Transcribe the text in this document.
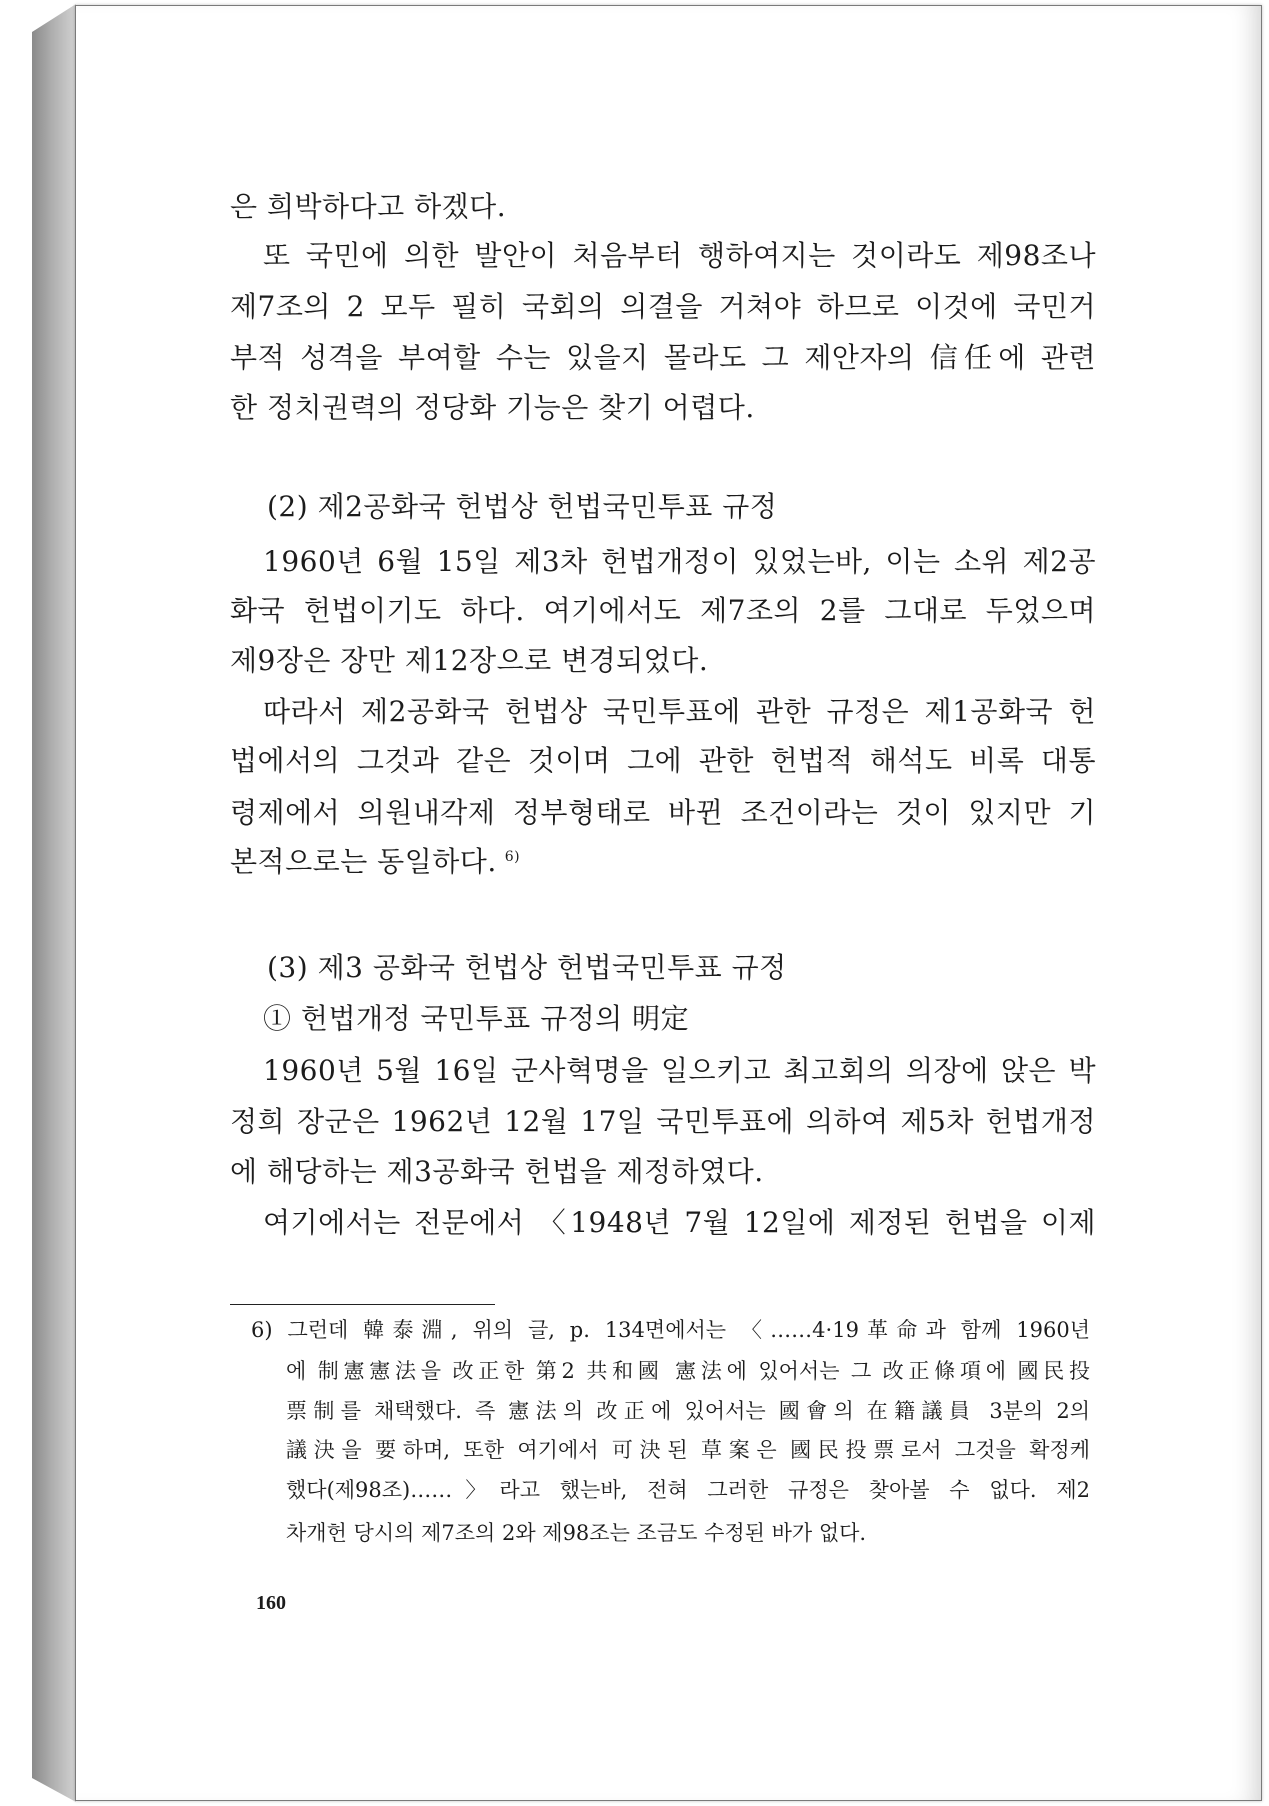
은 희박하다고 하겠다.
또 국민에 의한 발안이 처음부터 행하여지는 것이라도 제98조나
제7조의 2 모두 필히 국회의 의결을 거쳐야 하므로 이것에 국민거
부적 성격을 부여할 수는 있을지 몰라도 그 제안자의 信任에 관련
한 정치권력의 정당화 기능은 찾기 어렵다.
(2) 제2공화국 헌법상 헌법국민투표 규정
1960년 6월 15일 제3차 헌법개정이 있었는바, 이는 소위 제2공
화국 헌법이기도 하다. 여기에서도 제7조의 2를 그대로 두었으며
제9장은 장만 제12장으로 변경되었다.
따라서 제2공화국 헌법상 국민투표에 관한 규정은 제1공화국 헌
법에서의 그것과 같은 것이며 그에 관한 헌법적 해석도 비록 대통
령제에서 의원내각제 정부형태로 바뀐 조건이라는 것이 있지만 기
본적으로는 동일하다. $^{6)}$
(3) 제3 공화국 헌법상 헌법국민투표 규정
① 헌법개정 국민투표 규정의 明定
1960년 5월 16일 군사혁명을 일으키고 최고회의 의장에 앉은 박
정희 장군은 1962년 12월 17일 국민투표에 의하여 제5차 헌법개정
에 해당하는 제3공화국 헌법을 제정하였다.
여기에서는 전문에서 〈1948년 7월 12일에 제정된 헌법을 이제
6) 그런데 韓泰淵, 위의 글, p. 134면에서는 〈……4·19革命과 함께 1960년
에 制憲憲法을 改正한 第2 共和國 憲法에 있어서는 그 改正條項에 國民投
票制를 채택했다. 즉 憲法의 改正에 있어서는 國會의 在籍議員 3분의 2의
議決을 要하며, 또한 여기에서 可決된 草案은 國民投票로서 그것을 확정케
했다(제98조)……〉라고 했는바, 전혀 그러한 규정은 찾아볼 수 없다. 제2
차개헌 당시의 제7조의 2와 제98조는 조금도 수정된 바가 없다.
160
